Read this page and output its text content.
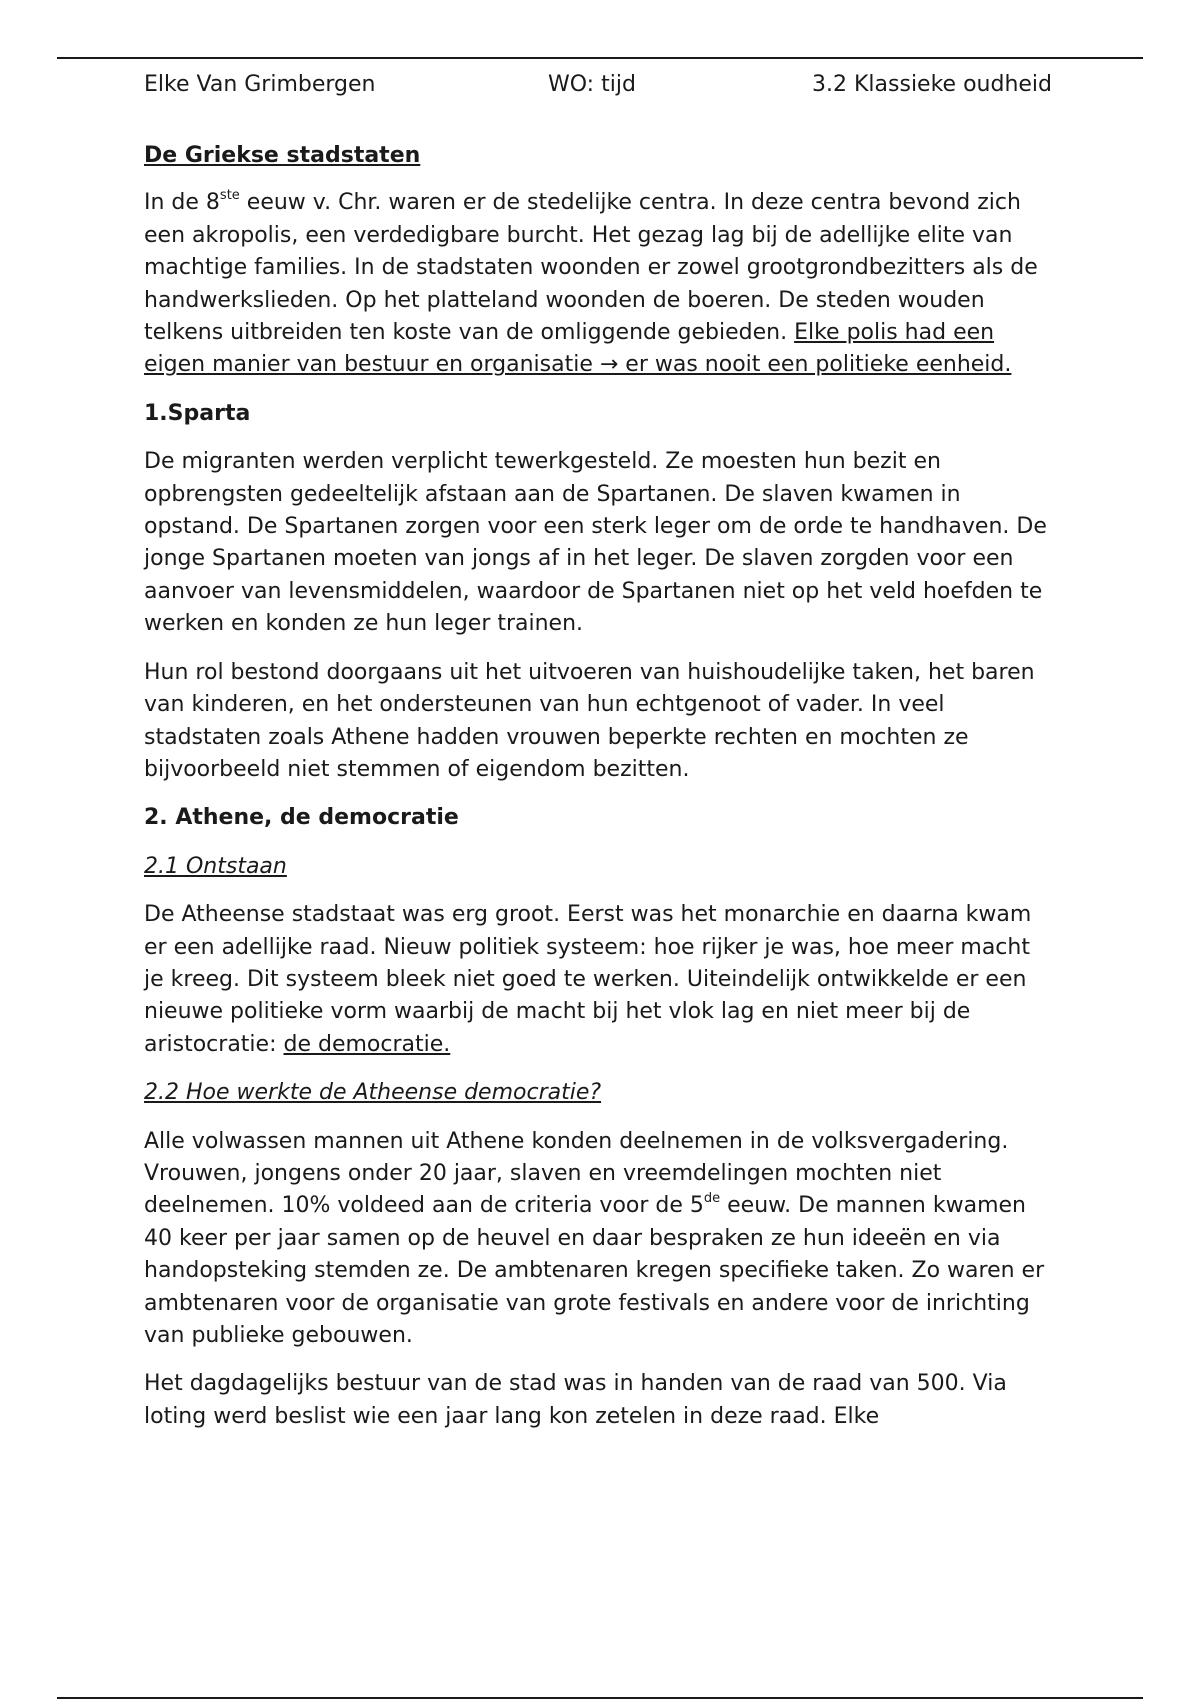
Elke Van Grimbergen	WO: tijd	3.2 Klassieke oudheid

De Griekse stadstaten

In de 8ste eeuw v. Chr. waren er de stedelijke centra. In deze centra bevond zich een akropolis, een verdedigbare burcht. Het gezag lag bij de adellijke elite van machtige families. In de stadstaten woonden er zowel grootgrondbezitters als de handwerkslieden. Op het platteland woonden de boeren. De steden wouden telkens uitbreiden ten koste van de omliggende gebieden. Elke polis had een eigen manier van bestuur en organisatie → er was nooit een politieke eenheid.

1.Sparta

De migranten werden verplicht tewerkgesteld. Ze moesten hun bezit en opbrengsten gedeeltelijk afstaan aan de Spartanen. De slaven kwamen in opstand. De Spartanen zorgen voor een sterk leger om de orde te handhaven. De jonge Spartanen moeten van jongs af in het leger. De slaven zorgden voor een aanvoer van levensmiddelen, waardoor de Spartanen niet op het veld hoefden te werken en konden ze hun leger trainen.

Hun rol bestond doorgaans uit het uitvoeren van huishoudelijke taken, het baren van kinderen, en het ondersteunen van hun echtgenoot of vader. In veel stadstaten zoals Athene hadden vrouwen beperkte rechten en mochten ze bijvoorbeeld niet stemmen of eigendom bezitten.

2. Athene, de democratie

2.1 Ontstaan

De Atheense stadstaat was erg groot. Eerst was het monarchie en daarna kwam er een adellijke raad. Nieuw politiek systeem: hoe rijker je was, hoe meer macht je kreeg. Dit systeem bleek niet goed te werken. Uiteindelijk ontwikkelde er een nieuwe politieke vorm waarbij de macht bij het vlok lag en niet meer bij de aristocratie: de democratie.

2.2 Hoe werkte de Atheense democratie?

Alle volwassen mannen uit Athene konden deelnemen in de volksvergadering. Vrouwen, jongens onder 20 jaar, slaven en vreemdelingen mochten niet deelnemen. 10% voldeed aan de criteria voor de 5de eeuw. De mannen kwamen 40 keer per jaar samen op de heuvel en daar bespraken ze hun ideeën en via handopsteking stemden ze. De ambtenaren kregen specifieke taken. Zo waren er ambtenaren voor de organisatie van grote festivals en andere voor de inrichting van publieke gebouwen.

Het dagdagelijks bestuur van de stad was in handen van de raad van 500. Via loting werd beslist wie een jaar lang kon zetelen in deze raad. Elke
